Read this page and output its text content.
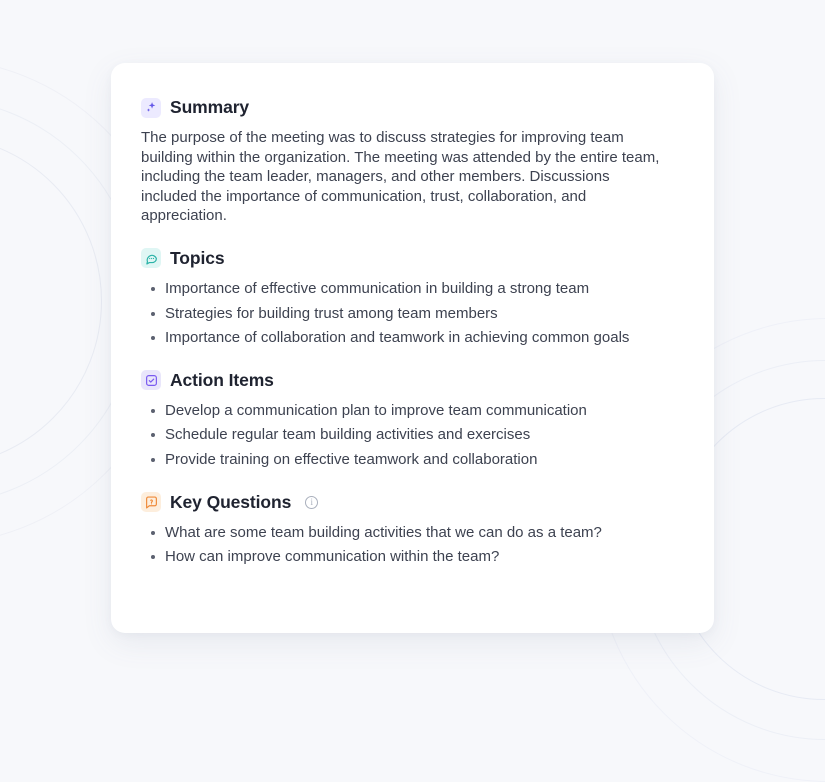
Summary

The purpose of the meeting was to discuss strategies for improving team building within the organization. The meeting was attended by the entire team, including the team leader, managers, and other members. Discussions included the importance of communication, trust, collaboration, and appreciation.

Topics
Importance of effective communication in building a strong team
Strategies for building trust among team members
Importance of collaboration and teamwork in achieving common goals
Action Items
Develop a communication plan to improve team communication
Schedule regular team building activities and exercises
Provide training on effective teamwork and collaboration
Key Questions	i
What are some team building activities that we can do as a team?
How can improve communication within the team?
